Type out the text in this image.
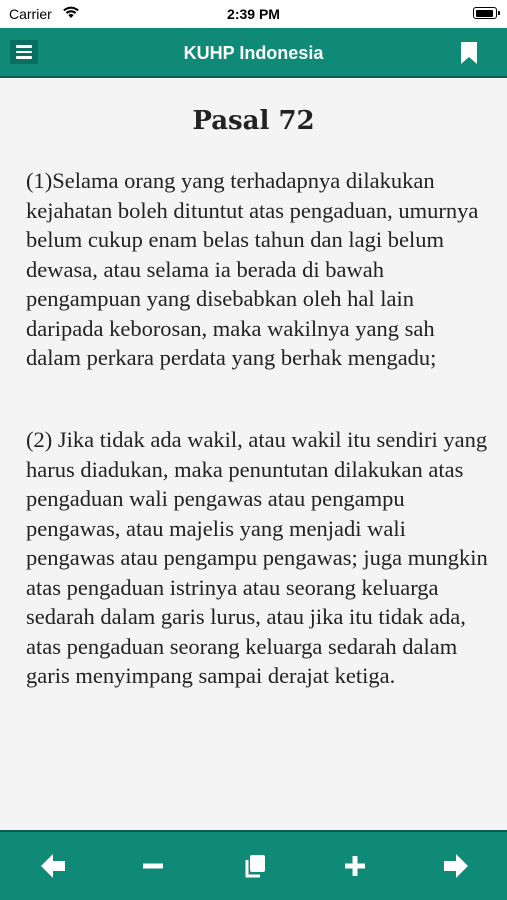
Carrier	2:39 PM
KUHP Indonesia
Pasal 72

(1)Selama orang yang terhadapnya dilakukan kejahatan boleh dituntut atas pengaduan, umurnya belum cukup enam belas tahun dan lagi belum dewasa, atau selama ia berada di bawah pengampuan yang disebabkan oleh hal lain daripada keborosan, maka wakilnya yang sah dalam perkara perdata yang berhak mengadu;

(2) Jika tidak ada wakil, atau wakil itu sendiri yang harus diadukan, maka penuntutan dilakukan atas pengaduan wali pengawas atau pengampu pengawas, atau majelis yang menjadi wali pengawas atau pengampu pengawas; juga mungkin atas pengaduan istrinya atau seorang keluarga sedarah dalam garis lurus, atau jika itu tidak ada, atas pengaduan seorang keluarga sedarah dalam garis menyimpang sampai derajat ketiga.
